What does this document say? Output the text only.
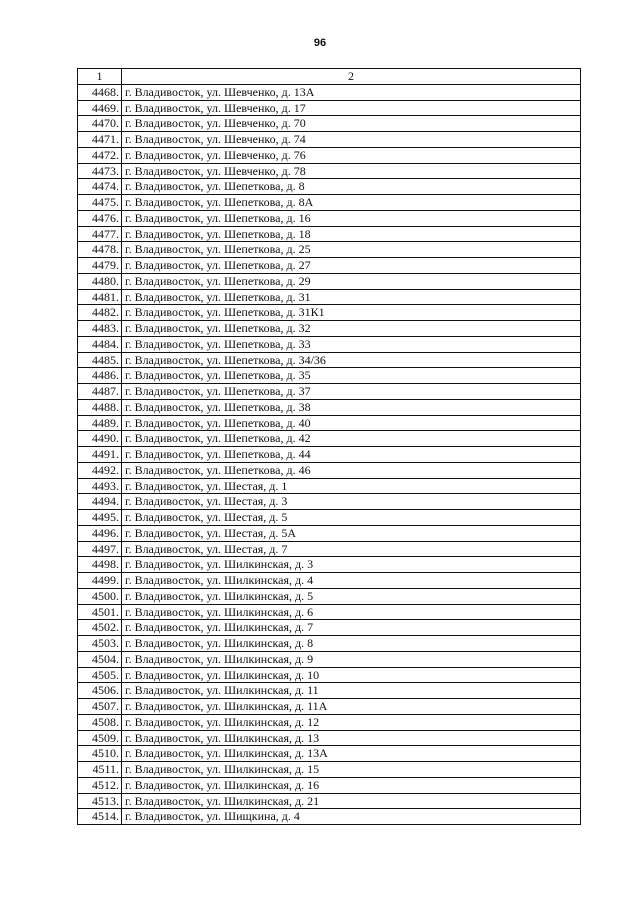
96
1	2
4468.	г. Владивосток, ул. Шевченко, д. 13А
4469.	г. Владивосток, ул. Шевченко, д. 17
4470.	г. Владивосток, ул. Шевченко, д. 70
4471.	г. Владивосток, ул. Шевченко, д. 74
4472.	г. Владивосток, ул. Шевченко, д. 76
4473.	г. Владивосток, ул. Шевченко, д. 78
4474.	г. Владивосток, ул. Шепеткова, д. 8
4475.	г. Владивосток, ул. Шепеткова, д. 8А
4476.	г. Владивосток, ул. Шепеткова, д. 16
4477.	г. Владивосток, ул. Шепеткова, д. 18
4478.	г. Владивосток, ул. Шепеткова, д. 25
4479.	г. Владивосток, ул. Шепеткова, д. 27
4480.	г. Владивосток, ул. Шепеткова, д. 29
4481.	г. Владивосток, ул. Шепеткова, д. 31
4482.	г. Владивосток, ул. Шепеткова, д. 31К1
4483.	г. Владивосток, ул. Шепеткова, д. 32
4484.	г. Владивосток, ул. Шепеткова, д. 33
4485.	г. Владивосток, ул. Шепеткова, д. 34/36
4486.	г. Владивосток, ул. Шепеткова, д. 35
4487.	г. Владивосток, ул. Шепеткова, д. 37
4488.	г. Владивосток, ул. Шепеткова, д. 38
4489.	г. Владивосток, ул. Шепеткова, д. 40
4490.	г. Владивосток, ул. Шепеткова, д. 42
4491.	г. Владивосток, ул. Шепеткова, д. 44
4492.	г. Владивосток, ул. Шепеткова, д. 46
4493.	г. Владивосток, ул. Шестая, д. 1
4494.	г. Владивосток, ул. Шестая, д. 3
4495.	г. Владивосток, ул. Шестая, д. 5
4496.	г. Владивосток, ул. Шестая, д. 5А
4497.	г. Владивосток, ул. Шестая, д. 7
4498.	г. Владивосток, ул. Шилкинская, д. 3
4499.	г. Владивосток, ул. Шилкинская, д. 4
4500.	г. Владивосток, ул. Шилкинская, д. 5
4501.	г. Владивосток, ул. Шилкинская, д. 6
4502.	г. Владивосток, ул. Шилкинская, д. 7
4503.	г. Владивосток, ул. Шилкинская, д. 8
4504.	г. Владивосток, ул. Шилкинская, д. 9
4505.	г. Владивосток, ул. Шилкинская, д. 10
4506.	г. Владивосток, ул. Шилкинская, д. 11
4507.	г. Владивосток, ул. Шилкинская, д. 11А
4508.	г. Владивосток, ул. Шилкинская, д. 12
4509.	г. Владивосток, ул. Шилкинская, д. 13
4510.	г. Владивосток, ул. Шилкинская, д. 13А
4511.	г. Владивосток, ул. Шилкинская, д. 15
4512.	г. Владивосток, ул. Шилкинская, д. 16
4513.	г. Владивосток, ул. Шилкинская, д. 21
4514.	г. Владивосток, ул. Шищкина, д. 4
